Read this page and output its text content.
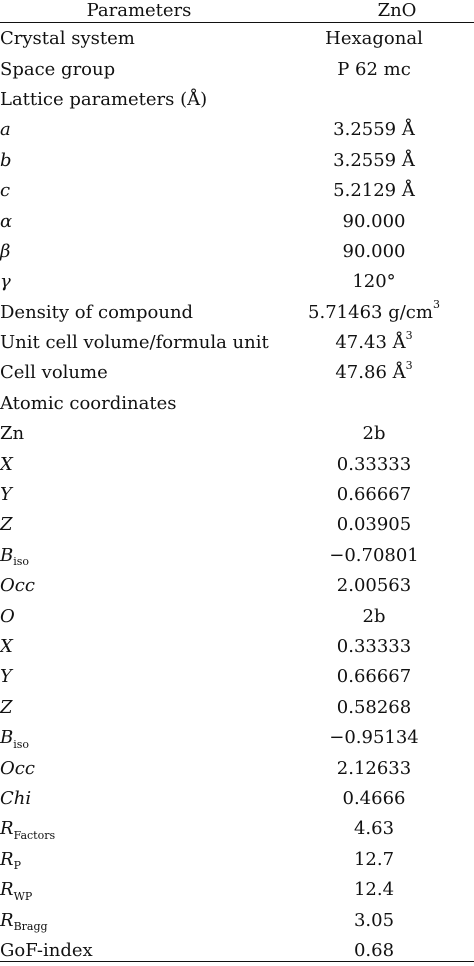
Parameters	ZnO
Crystal system	Hexagonal
Space group	P 62 mc
Lattice parameters (Å)
a	3.2559 Å
b	3.2559 Å
c	5.2129 Å
α	90.000
β	90.000
γ	120°
Density of compound	5.71463 g/cm 3
Unit cell volume/formula unit	47.43 Å 3
Cell volume	47.86 Å 3
Atomic coordinates
Zn	2b
X	0.33333
Y	0.66667
Z	0.03905
B iso	−0.70801
Occ	2.00563
O	2b
X	0.33333
Y	0.66667
Z	0.58268
B iso	−0.95134
Occ	2.12633
Chi	0.4666
R Factors	4.63
R P	12.7
R WP	12.4
R Bragg	3.05
GoF-index	0.68
